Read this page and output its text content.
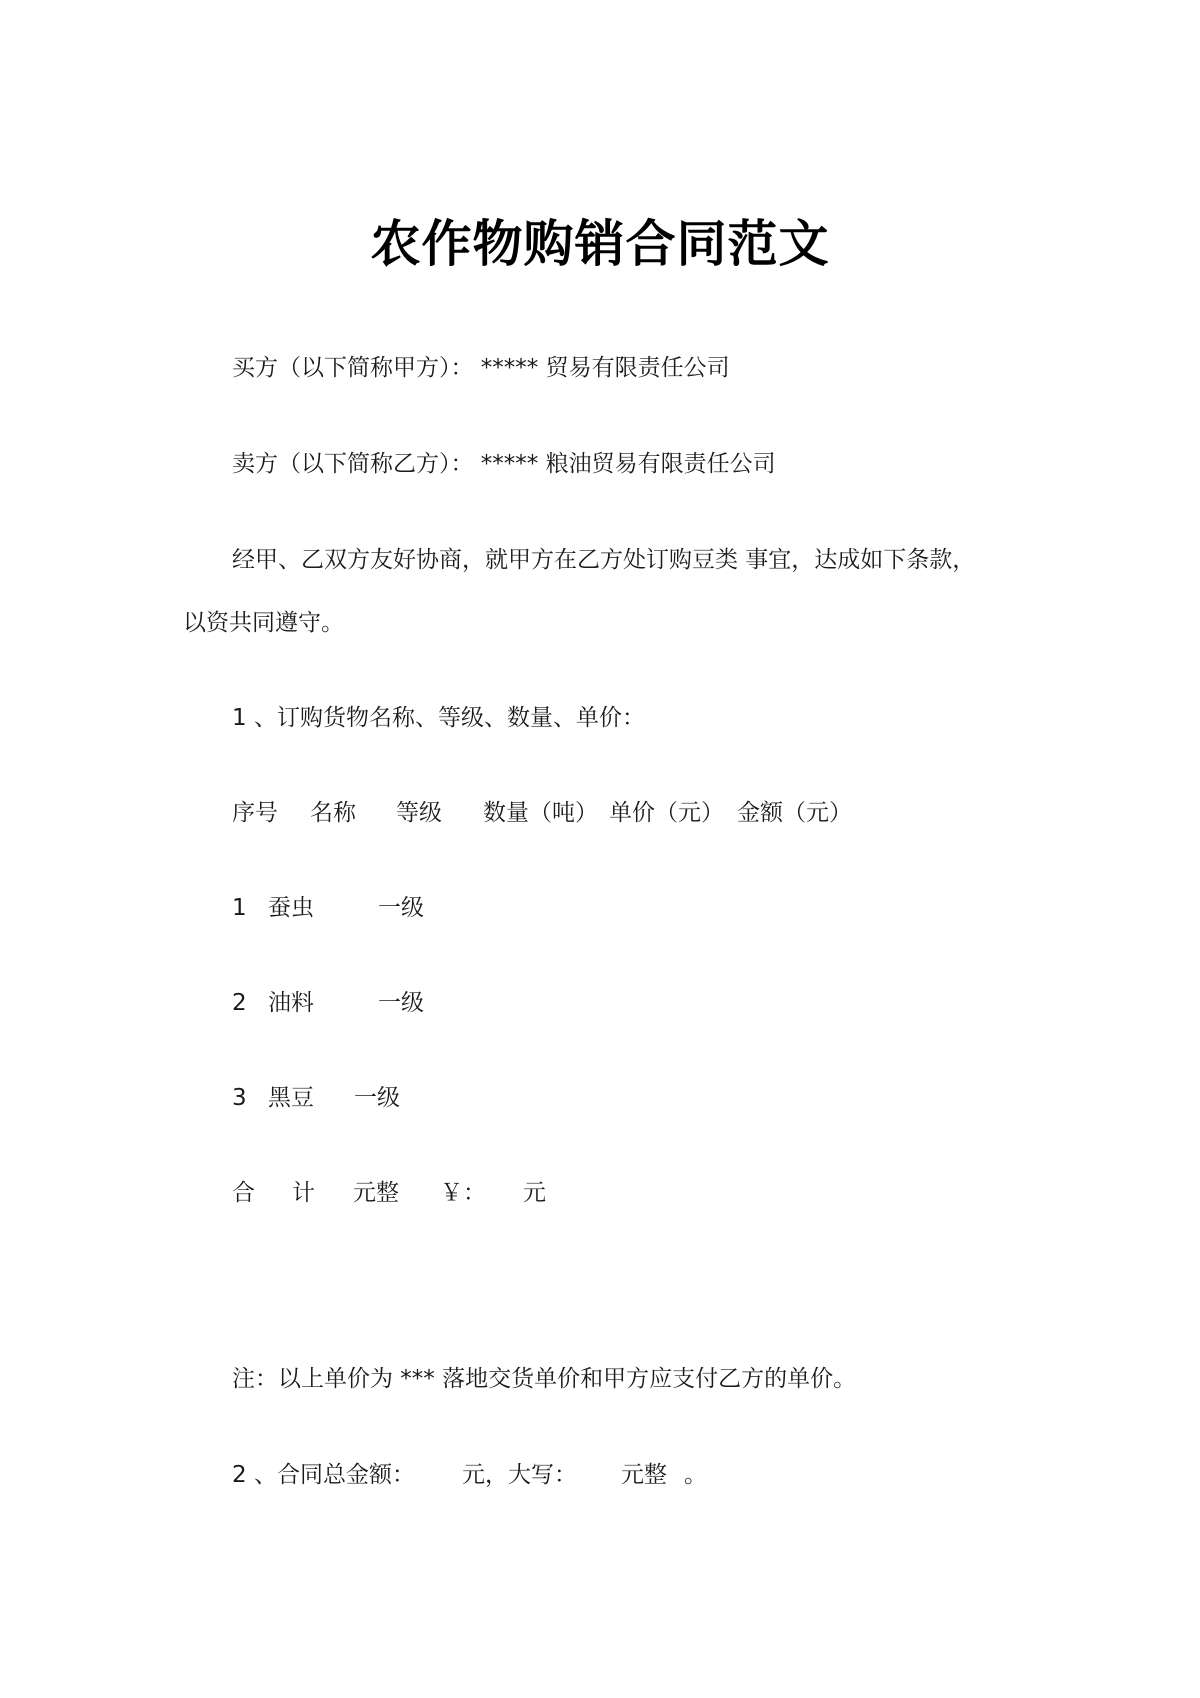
农作物购销合同范文
买方（以下简称甲方）： ***** 贸易有限责任公司
卖方（以下简称乙方）： ***** 粮油贸易有限责任公司
经甲、乙双方友好协商，就甲方在乙方处订购豆类 事宜，达成如下条款，
以资共同遵守。
1 、订购货物名称、等级、数量、单价：
序号 名称 等级 数量（吨） 单价（元） 金额（元）
1 蚕虫	一级
2 油料	一级
3 黑豆 一级
合 计 元整 ￥： 元
注：以上单价为 *** 落地交货单价和甲方应支付乙方的单价。
2 、合同总金额： 元，大写： 元整 。
